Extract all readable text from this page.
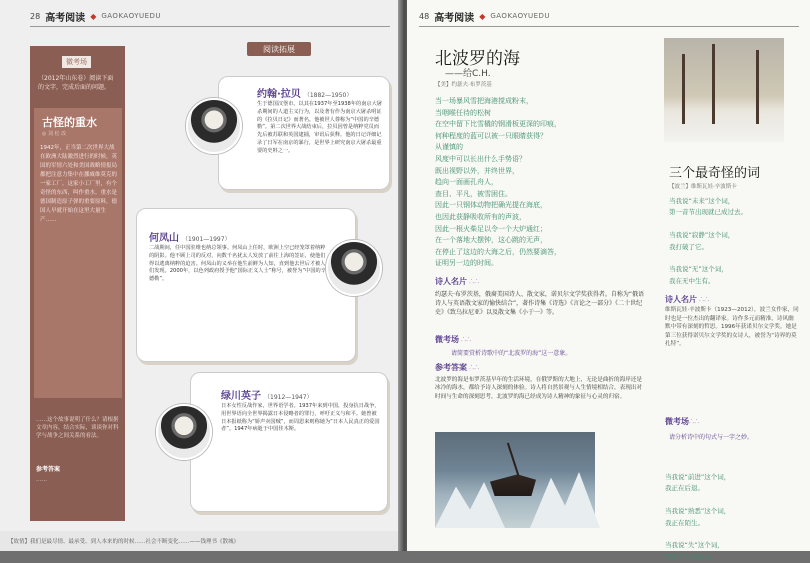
28 高考阅读 ◆ GAOKAOYUEDU
微考场
（2012年山东卷）阅读下面的文字，完成后面的问题。
古怪的重水
◎ 刘 松 改
1942年，正当第二次世界大战在欧洲大陆激烈进行的时候，英国的军情六处和美国战略情报局都把注意力集中在挪威维莫克的一家工厂。这家小工厂里，有个奇怪的东西，叫作重水。重水是德国制造原子弹的重要原料，德国人早就开始在这里大量生产……
……这个故事说明了什么？请根据文章内容，结合实际，谈谈你对科学与战争之间关系的看法。
参考答案
……
阅读拓展
约翰·拉贝 （1882—1950）
生于德国汉堡市。以其在1937年至1938年的南京大屠杀期间的人道主义行为，以及著有作为南京大屠杀明证的《拉贝日记》而著名。他被世人尊称为“中国的辛德勒”。第二次世界大战结束后，拉贝因曾是纳粹党员而先后被苏联和英国逮捕，审讯后获释。他的日记详细记录了日军在南京的暴行，是世界上研究南京大屠杀最重要的史料之一。
何凤山 （1901—1997）
二战期间，任中国驻维也纳总领事。何凤山上任时，欧洲上空已经笼罩着纳粹的阴影。他不顾上司的反对，向数千名犹太人发放了前往上海的签证，使他们得以逃离纳粹的迫害。何凤山的义举在他生前鲜为人知，直到他去世后才被人们发现。2000年，以色列政府授予他“国际正义人士”称号，被誉为“中国的辛德勒”。
绿川英子 （1912—1947）
日本女性反战作家，世界语学者。1937年来到中国，投身抗日战争，用世界语向全世界揭露日本侵略者的罪行，呼吁正义与和平。她曾被日本报纸称为“娇声卖国贼”，而周恩来则称她为“日本人民真正的爱国者”。1947年病逝于中国佳木斯。
【故情】我们是最尽情、最承受、到人本来的的时候……社会不断变化……——钱理书《散城》
48 高考阅读 ◆ GAOKAOYUEDU
北波罗的海
——给C.H.
【美】约瑟夫·布罗茨基
当一场暴风雪把海港搅成粉末，
当咽喉任待的松树
在空中留下比雪橇的钢滑板更深的印痕，
何种程度的蓝可以被一只眼睛获得？
从谨慎的
风度中可以长出什么手势语？
既出视野以外，并终世界，
趋向一面画孔舟人，
查目、平凡，被雪困住。
因此一只钢体动物把确光提在海底，
也因此获静吸收所有的声波，
因此一根火柴足以令一个大炉通红；
在一个落地大摆钟，这心跳的无声，
在停止了这边的大海之后，仍然要滴答，
证明另一边的时间。
诗人名片 ∴∴
约瑟夫·布罗茨基，俄裔美国诗人、散文家，诺贝尔文学奖获得者。自称为“俄语诗人与英语散文家的愉快结合”，著作诗集《诗选》《言论之一部分》《二十世纪史》《致乌拉尼亚》以及散文集《小于一》等。
微考场 ∴∴
请简要赏析诗歌中的“北波罗的海”这一意象。
参考答案 ∴∴
北波罗的海是布罗茨基早年的生活环境，在俄罗斯的大地上，无论是曲折的海岸还是冰冷的海水，都给予诗人深刻的体验。诗人将自然景观与人生情境相结合，表现出对时间与生命的深刻思考，北波罗的海已经成为诗人精神的象征与心灵的归宿。
三个最奇怪的词
【波兰】维斯瓦娃·辛波斯卡
当我说“未来”这个词，
第一音节出现就已成过去。

当我说“寂静”这个词，
我打破了它。

当我说“无”这个词，
我在无中生有。
诗人名片 ∴∴
维斯瓦娃·辛波斯卡（1923—2012），波兰女作家，同时也是一位杰出的翻译家。诗作多元而精准，诗风幽默中带有深刻的哲思。1996年获诺贝尔文学奖。她是第三位获得诺贝尔文学奖的女诗人，被誉为“诗界的莫扎特”。
微考场∴∴
请分析诗中的句式与一字之妙。
当我说“前进”这个词，
我正在后退。

当我说“熟悉”这个词，
我正在陌生。

当我说“失”这个词，
我正在失而复得。
